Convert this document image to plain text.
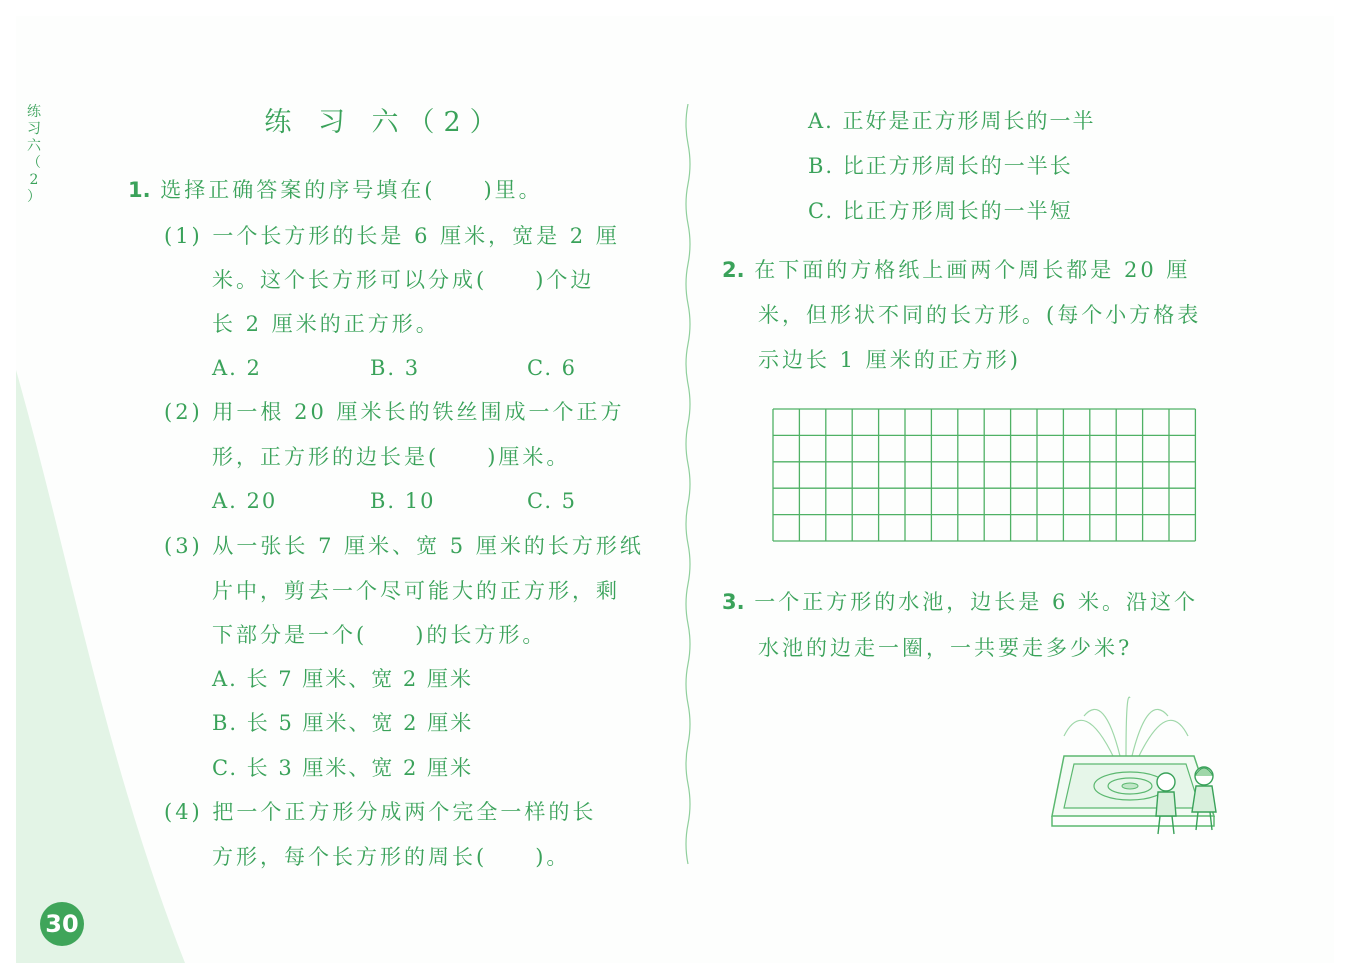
练
习
六
（
2
）
30
练 习 六（2）
1. 选择正确答案的序号填在(　　)里。
(1) 一个长方形的长是 6 厘米，宽是 2 厘
米。这个长方形可以分成(　　)个边
长 2 厘米的正方形。
A. 2	B. 3	C. 6
(2) 用一根 20 厘米长的铁丝围成一个正方
形，正方形的边长是(　　)厘米。
A. 20	B. 10	C. 5
(3) 从一张长 7 厘米、宽 5 厘米的长方形纸
片中，剪去一个尽可能大的正方形，剩
下部分是一个(　　)的长方形。
A. 长 7 厘米、宽 2 厘米
B. 长 5 厘米、宽 2 厘米
C. 长 3 厘米、宽 2 厘米
(4) 把一个正方形分成两个完全一样的长
方形，每个长方形的周长(　　)。
A. 正好是正方形周长的一半
B. 比正方形周长的一半长
C. 比正方形周长的一半短
2. 在下面的方格纸上画两个周长都是 20 厘
米，但形状不同的长方形。(每个小方格表
示边长 1 厘米的正方形)
3. 一个正方形的水池，边长是 6 米。沿这个
水池的边走一圈，一共要走多少米?
